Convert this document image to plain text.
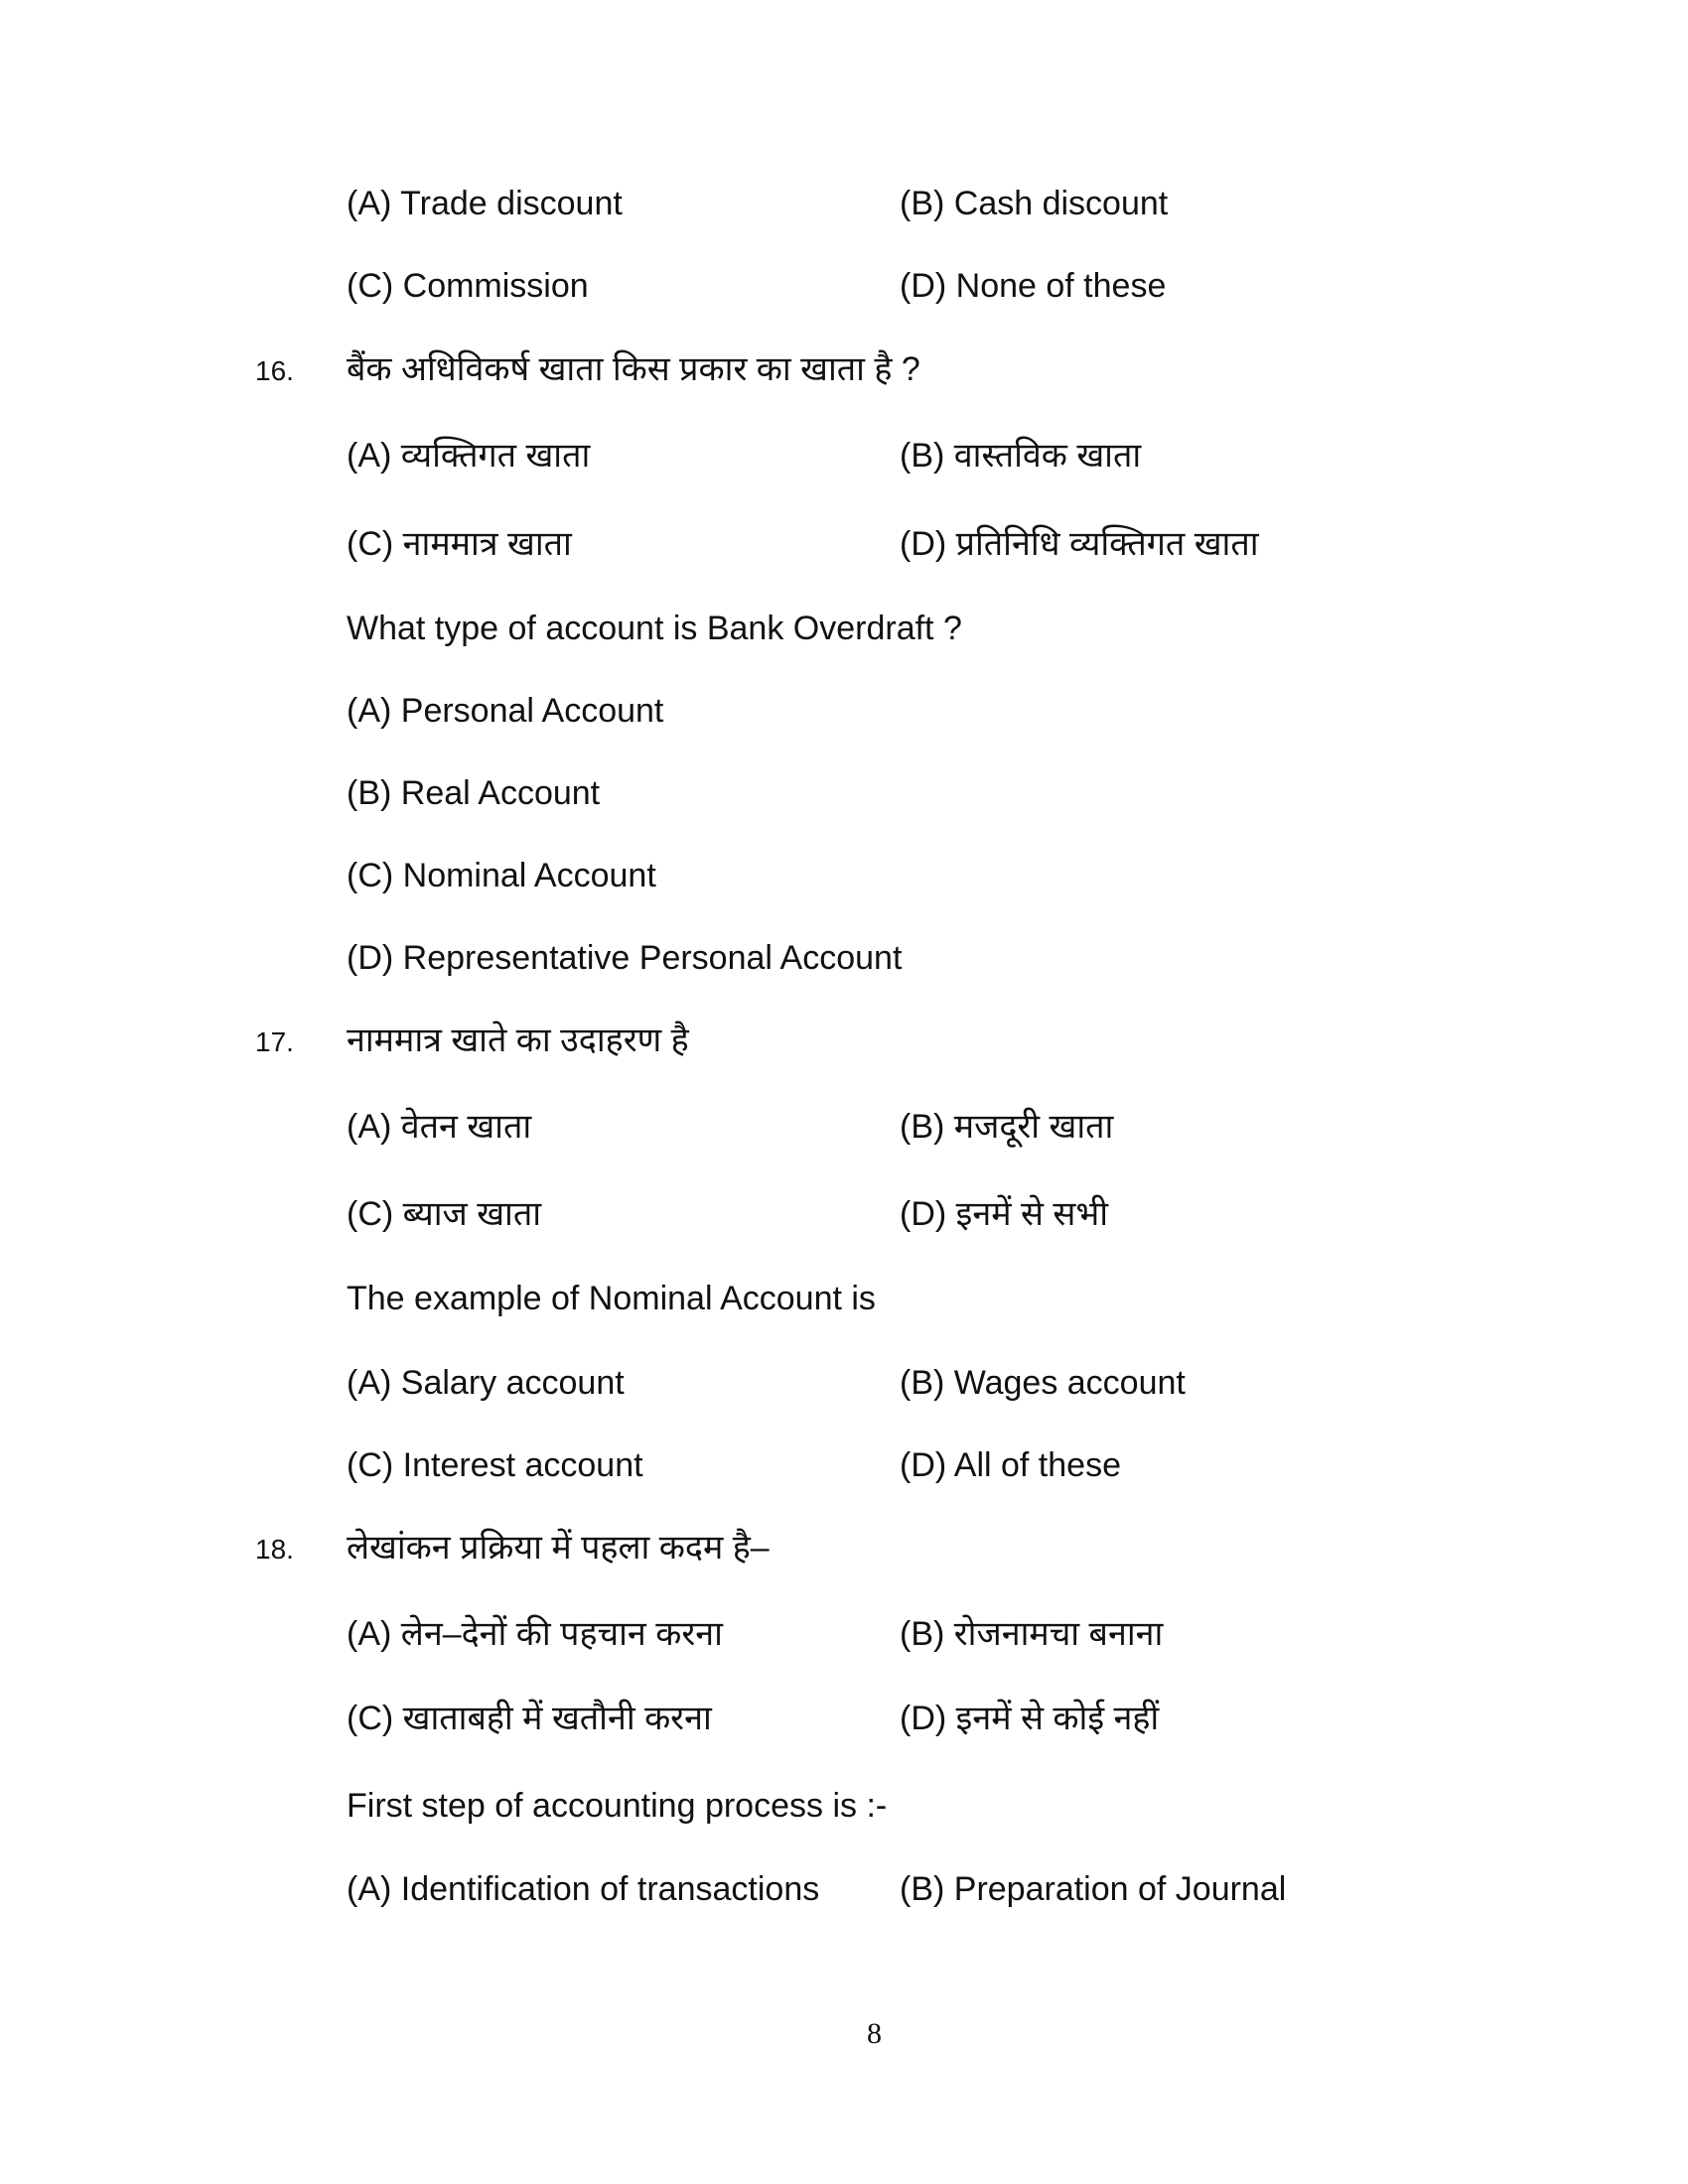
(A) Trade discount	(B) Cash discount
(C) Commission	(D) None of these
16. बैंक अधिविकर्ष खाता किस प्रकार का खाता है ?
(A) व्यक्तिगत खाता	(B) वास्तविक खाता
(C) नाममात्र खाता	(D) प्रतिनिधि व्यक्तिगत खाता
What type of account is Bank Overdraft ?
(A) Personal Account
(B) Real Account
(C) Nominal Account
(D) Representative Personal Account
17. नाममात्र खाते का उदाहरण है
(A) वेतन खाता	(B) मजदूरी खाता
(C) ब्याज खाता	(D) इनमें से सभी
The example of Nominal Account is
(A) Salary account	(B) Wages account
(C) Interest account	(D) All of these
18. लेखांकन प्रक्रिया में पहला कदम है–
(A) लेन–देनों की पहचान करना	(B) रोजनामचा बनाना
(C) खाताबही में खतौनी करना	(D) इनमें से कोई नहीं
First step of accounting process is :-
(A) Identification of transactions (B) Preparation of Journal
8
